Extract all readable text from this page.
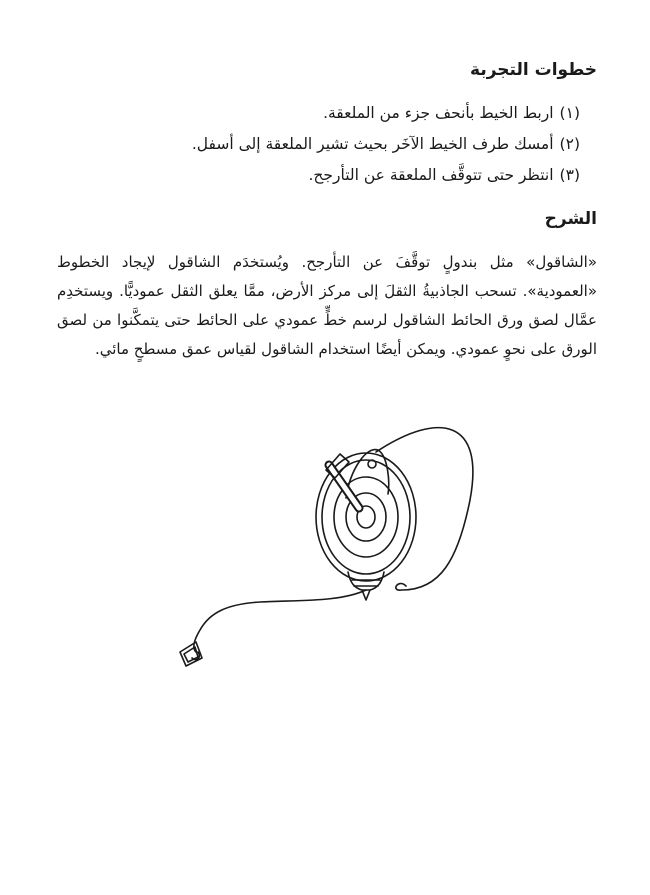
خطوات التجربة
(١)اربط الخيط بأنحف جزء من الملعقة.
(٢)أمسك طرف الخيط الآخَر بحيث تشير الملعقة إلى أسفل.
(٣)انتظر حتى تتوقَّف الملعقة عن التأرجح.
الشرح

«الشاقول» مثل بندولٍ توقَّفَ عن التأرجح. ويُستخدَم الشاقول لإيجاد الخطوط «العمودية». تسحب الجاذبيةُ الثقلَ إلى مركز الأرض، ممَّا يعلق الثقل عموديًّا. ويستخدِم عمَّال لصق ورق الحائط الشاقول لرسم خطٍّ عمودي على الحائط حتى يتمكَّنوا من لصق الورق على نحوٍ عمودي. ويمكن أيضًا استخدام الشاقول لقياس عمق مسطحٍ مائي.
